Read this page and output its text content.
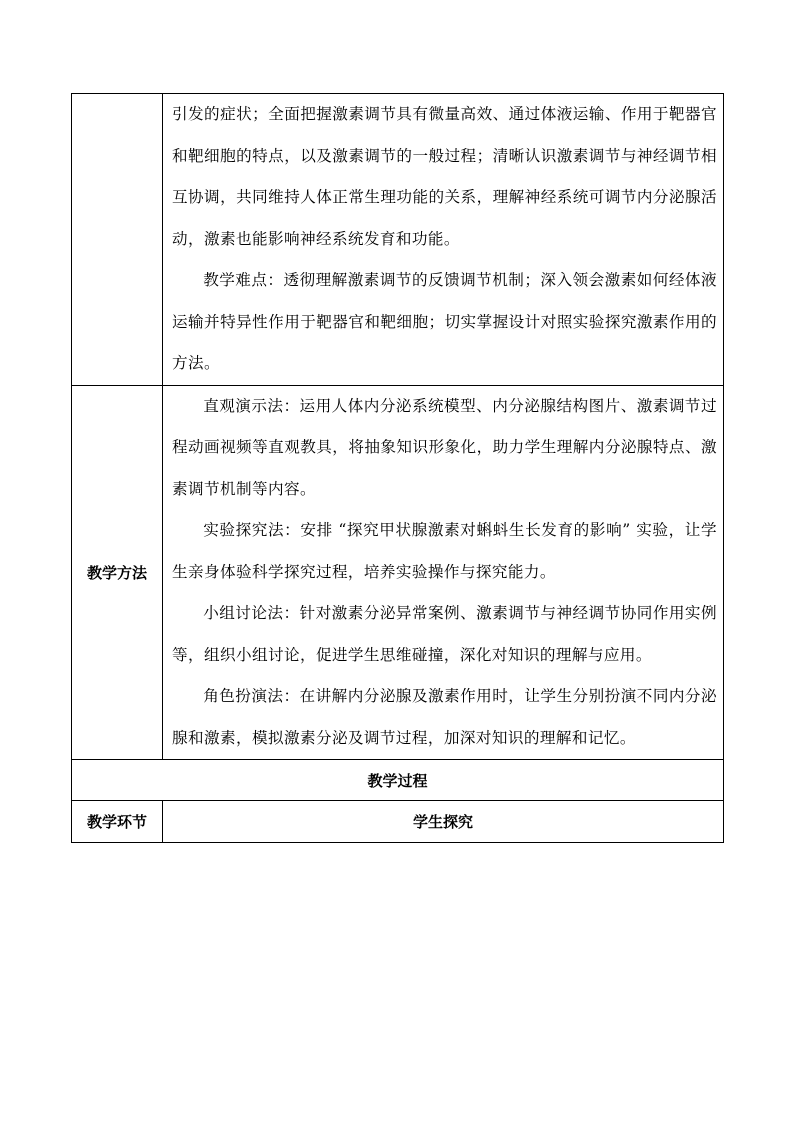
	引发的症状；全面把握激素调节具有微量高效、通过体液运输、作用于靶器官和靶细胞的特点，以及激素调节的一般过程；清晰认识激素调节与神经调节相互协调，共同维持人体正常生理功能的关系，理解神经系统可调节内分泌腺活动，激素也能影响神经系统发育和功能。

教学难点：透彻理解激素调节的反馈调节机制；深入领会激素如何经体液运输并特异性作用于靶器官和靶细胞；切实掌握设计对照实验探究激素作用的方法。

教学方法	直观演示法：运用人体内分泌系统模型、内分泌腺结构图片、激素调节过程动画视频等直观教具，将抽象知识形象化，助力学生理解内分泌腺特点、激素调节机制等内容。

实验探究法：安排 “探究甲状腺激素对蝌蚪生长发育的影响” 实验，让学生亲身体验科学探究过程，培养实验操作与探究能力。

小组讨论法：针对激素分泌异常案例、激素调节与神经调节协同作用实例等，组织小组讨论，促进学生思维碰撞，深化对知识的理解与应用。

角色扮演法：在讲解内分泌腺及激素作用时，让学生分别扮演不同内分泌腺和激素，模拟激素分泌及调节过程，加深对知识的理解和记忆。

教学过程	
教学环节	学生探究
